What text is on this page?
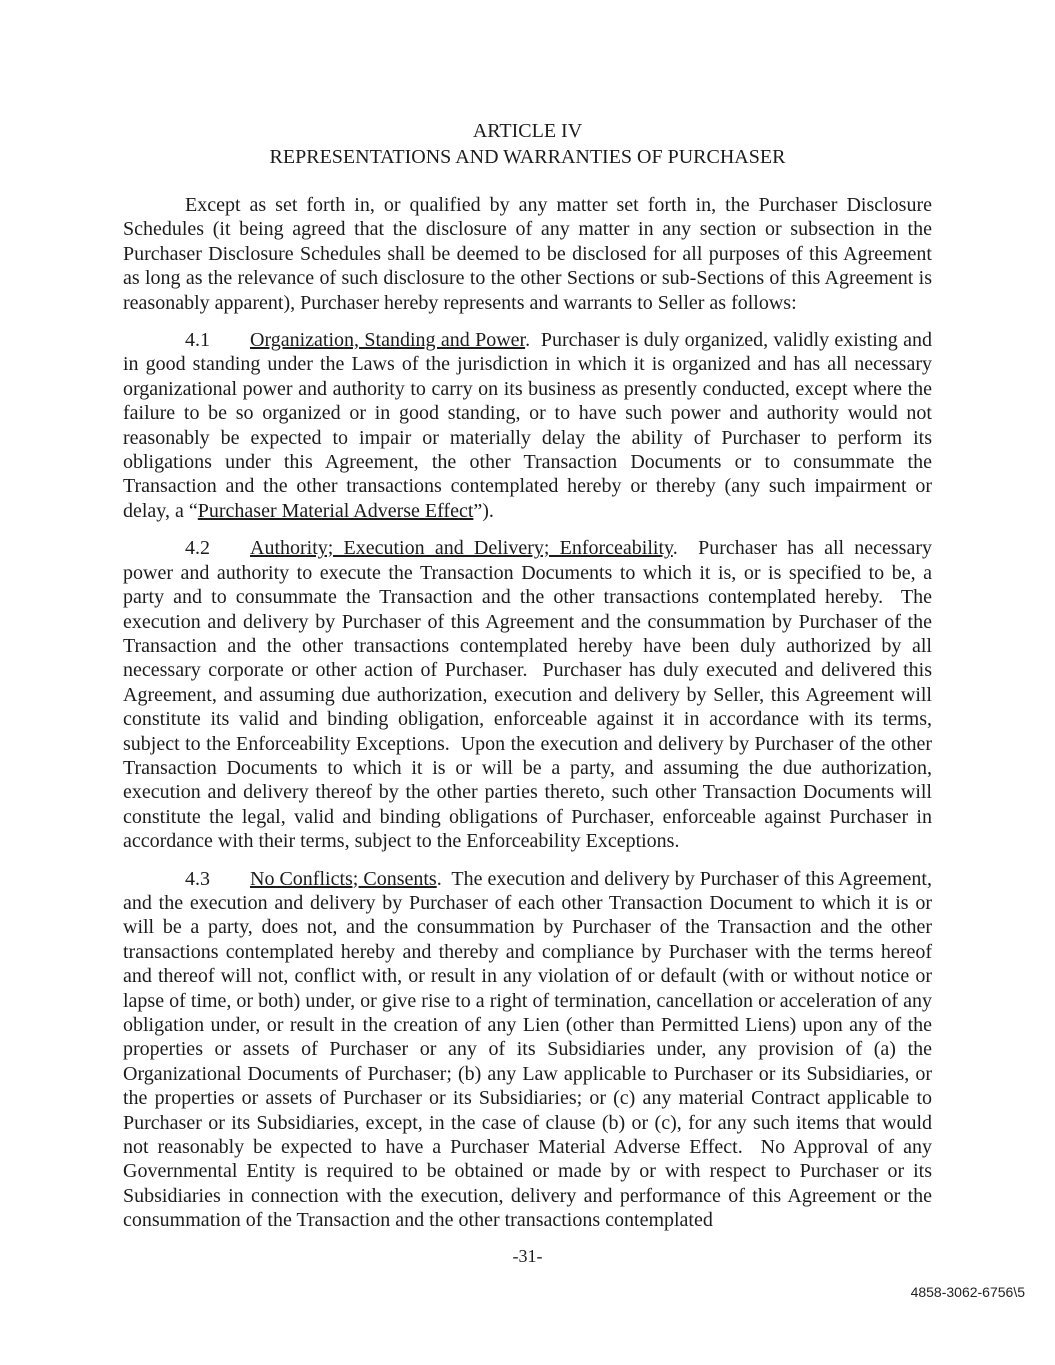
ARTICLE IV
REPRESENTATIONS AND WARRANTIES OF PURCHASER

Except as set forth in, or qualified by any matter set forth in, the Purchaser Disclosure Schedules (it being agreed that the disclosure of any matter in any section or subsection in the Purchaser Disclosure Schedules shall be deemed to be disclosed for all purposes of this Agreement as long as the relevance of such disclosure to the other Sections or sub-Sections of this Agreement is reasonably apparent), Purchaser hereby represents and warrants to Seller as follows:

4.1 Organization, Standing and Power.  Purchaser is duly organized, validly existing and in good standing under the Laws of the jurisdiction in which it is organized and has all necessary organizational power and authority to carry on its business as presently conducted, except where the failure to be so organized or in good standing, or to have such power and authority would not reasonably be expected to impair or materially delay the ability of Purchaser to perform its obligations under this Agreement, the other Transaction Documents or to consummate the Transaction and the other transactions contemplated hereby or thereby (any such impairment or delay, a “Purchaser Material Adverse Effect”).

4.2 Authority; Execution and Delivery; Enforceability.  Purchaser has all necessary power and authority to execute the Transaction Documents to which it is, or is specified to be, a party and to consummate the Transaction and the other transactions contemplated hereby.  The execution and delivery by Purchaser of this Agreement and the consummation by Purchaser of the Transaction and the other transactions contemplated hereby have been duly authorized by all necessary corporate or other action of Purchaser.  Purchaser has duly executed and delivered this Agreement, and assuming due authorization, execution and delivery by Seller, this Agreement will constitute its valid and binding obligation, enforceable against it in accordance with its terms, subject to the Enforceability Exceptions.  Upon the execution and delivery by Purchaser of the other Transaction Documents to which it is or will be a party, and assuming the due authorization, execution and delivery thereof by the other parties thereto, such other Transaction Documents will constitute the legal, valid and binding obligations of Purchaser, enforceable against Purchaser in accordance with their terms, subject to the Enforceability Exceptions.

4.3 No Conflicts; Consents.  The execution and delivery by Purchaser of this Agreement, and the execution and delivery by Purchaser of each other Transaction Document to which it is or will be a party, does not, and the consummation by Purchaser of the Transaction and the other transactions contemplated hereby and thereby and compliance by Purchaser with the terms hereof and thereof will not, conflict with, or result in any violation of or default (with or without notice or lapse of time, or both) under, or give rise to a right of termination, cancellation or acceleration of any obligation under, or result in the creation of any Lien (other than Permitted Liens) upon any of the properties or assets of Purchaser or any of its Subsidiaries under, any provision of (a) the Organizational Documents of Purchaser; (b) any Law applicable to Purchaser or its Subsidiaries, or the properties or assets of Purchaser or its Subsidiaries; or (c) any material Contract applicable to Purchaser or its Subsidiaries, except, in the case of clause (b) or (c), for any such items that would not reasonably be expected to have a Purchaser Material Adverse Effect.  No Approval of any Governmental Entity is required to be obtained or made by or with respect to Purchaser or its Subsidiaries in connection with the execution, delivery and performance of this Agreement or the consummation of the Transaction and the other transactions contemplated

-31-
4858-3062-6756\5
